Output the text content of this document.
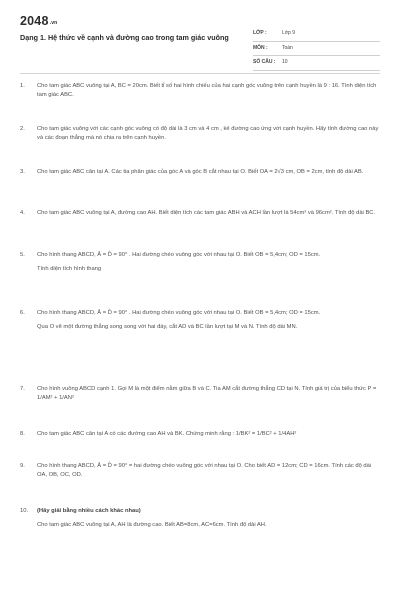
2048.vn
Dạng 1. Hệ thức về cạnh và đường cao trong tam giác vuông	LỚP :	Lớp 9
MÔN :	Toán
SỐ CÂU : 10
1.	Cho tam giác ABC vuông tại A, BC = 20cm. Biết tỉ số hai hình chiếu của hai cạnh góc vuông trên cạnh huyền là 9 : 16. Tính diện tích tam giác ABC.

2.	Cho tam giác vuông với các cạnh góc vuông có độ dài là 3 cm và 4 cm , kẻ đường cao ứng với cạnh huyền. Hãy tính đường cao này và các đoạn thẳng mà nó chia ra trên cạnh huyền.

3.	Cho tam giác ABC cân tại A. Các tia phân giác của góc A và góc B cắt nhau tại O. Biết OA = 2√3 cm, OB = 2cm, tính độ dài AB.

4.	Cho tam giác ABC vuông tại A, đường cao AH. Biết diện tích các tam giác ABH và ACH lần lượt là 54cm² và 96cm². Tính độ dài BC.

5.	Cho hình thang ABCD, Â = D̂ = 90° . Hai đường chéo vuông góc với nhau tại O. Biết OB = 5,4cm; OD = 15cm.

Tính diện tích hình thang

6.	Cho hình thang ABCD, Â = D̂ = 90° . Hai đường chéo vuông góc với nhau tại O. Biết OB = 5,4cm; OD = 15cm.

Qua O vẽ một đường thẳng song song với hai đáy, cắt AD và BC lần lượt tại M và N. Tính độ dài MN.

7.	Cho hình vuông ABCD cạnh 1. Gọi M là một điểm nằm giữa B và C. Tia AM cắt đường thẳng CD tại N. Tính giá trị của biểu thức P = 1/AM² + 1/AN²

8.	Cho tam giác ABC cân tại A có các đường cao AH và BK. Chứng minh rằng : 1/BK² = 1/BC² + 1/4AH²

9.	Cho hình thang ABCD, Â = D̂ = 90° = hai đường chéo vuông góc với nhau tại O. Cho biết AD = 12cm; CD = 16cm. Tính các độ dài OA, OB, OC, OD.

10.	(Hãy giải bằng nhiều cách khác nhau)

Cho tam giác ABC vuông tại A, AH là đường cao. Biết AB=8cm, AC=6cm. Tính độ dài AH.
